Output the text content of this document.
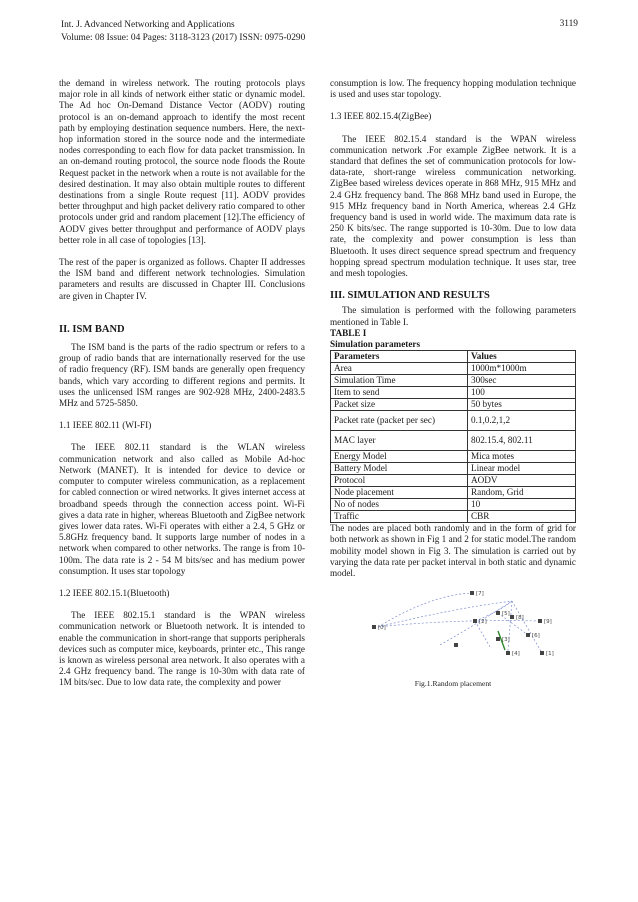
Int. J. Advanced Networking and Applications
Volume: 08 Issue: 04 Pages: 3118-3123 (2017) ISSN: 0975-0290
3119

the demand in wireless network. The routing protocols plays major role in all kinds of network either static or dynamic model. The Ad hoc On-Demand Distance Vector (AODV) routing protocol is an on-demand approach to identify the most recent path by employing destination sequence numbers. Here, the next-hop information stored in the source node and the intermediate nodes corresponding to each flow for data packet transmission. In an on-demand routing protocol, the source node floods the Route Request packet in the network when a route is not available for the desired destination. It may also obtain multiple routes to different destinations from a single Route request [11]. AODV provides better throughput and high packet delivery ratio compared to other protocols under grid and random placement [12].The efficiency of AODV gives better throughput and performance of AODV plays better role in all case of topologies [13].

The rest of the paper is organized as follows. Chapter II addresses the ISM band and different network technologies. Simulation parameters and results are discussed in Chapter III. Conclusions are given in Chapter IV.

II. ISM BAND

The ISM band is the parts of the radio spectrum or refers to a group of radio bands that are internationally reserved for the use of radio frequency (RF). ISM bands are generally open frequency bands, which vary according to different regions and permits. It uses the unlicensed ISM ranges are 902-928 MHz, 2400-2483.5 MHz and 5725-5850.

1.1 IEEE 802.11 (WI-FI)

The IEEE 802.11 standard is the WLAN wireless communication network and also called as Mobile Ad-hoc Network (MANET). It is intended for device to device or computer to computer wireless communication, as a replacement for cabled connection or wired networks. It gives internet access at broadband speeds through the connection access point. Wi-Fi gives a data rate in higher, whereas Bluetooth and ZigBee network gives lower data rates. Wi-Fi operates with either a 2.4, 5 GHz or 5.8GHz frequency band. It supports large number of nodes in a network when compared to other networks. The range is from 10-100m. The data rate is 2 - 54 M bits/sec and has medium power consumption. It uses star topology

1.2 IEEE 802.15.1(Bluetooth)

The IEEE 802.15.1 standard is the WPAN wireless communication network or Bluetooth network. It is intended to enable the communication in short-range that supports peripherals devices such as computer mice, keyboards, printer etc., This range is known as wireless personal area network. It also operates with a 2.4 GHz frequency band. The range is 10-30m with data rate of 1M bits/sec. Due to low data rate, the complexity and power

consumption is low. The frequency hopping modulation technique is used and uses star topology.

1.3 IEEE 802.15.4(ZigBee)

The IEEE 802.15.4 standard is the WPAN wireless communication network .For example ZigBee network. It is a standard that defines the set of communication protocols for low-data-rate, short-range wireless communication networking. ZigBee based wireless devices operate in 868 MHz, 915 MHz and 2.4 GHz frequency band. The 868 MHz band used in Europe, the 915 MHz frequency band in North America, whereas 2.4 GHz frequency band is used in world wide. The maximum data rate is 250 K bits/sec. The range supported is 10-30m. Due to low data rate, the complexity and power consumption is less than Bluetooth. It uses direct sequence spread spectrum and frequency hopping spread spectrum modulation technique. It uses star, tree and mesh topologies.

III. SIMULATION AND RESULTS

The simulation is performed with the following parameters mentioned in Table I.

TABLE I

Simulation parameters

Parameters	Values
Area	1000m*1000m
Simulation Time	300sec
Item to send	100
Packet size	50 bytes
Packet rate (packet per sec)	0.1,0.2,1,2
MAC layer	802.15.4, 802.11
Energy Model	Mica motes
Battery Model	Linear model
Protocol	AODV
Node placement	Random, Grid
No of nodes	10
Traffic	CBR

The nodes are placed both randomly and in the form of grid for both network as shown in Fig 1 and 2 for static model.The random mobility model shown in Fig 3. The simulation is carried out by varying the data rate per packet interval in both static and dynamic model.

[7]
[2]
[5]
[8]
[9]
[6]
[3]
[4]	[1]
[0]
Fig.1.Random placement
